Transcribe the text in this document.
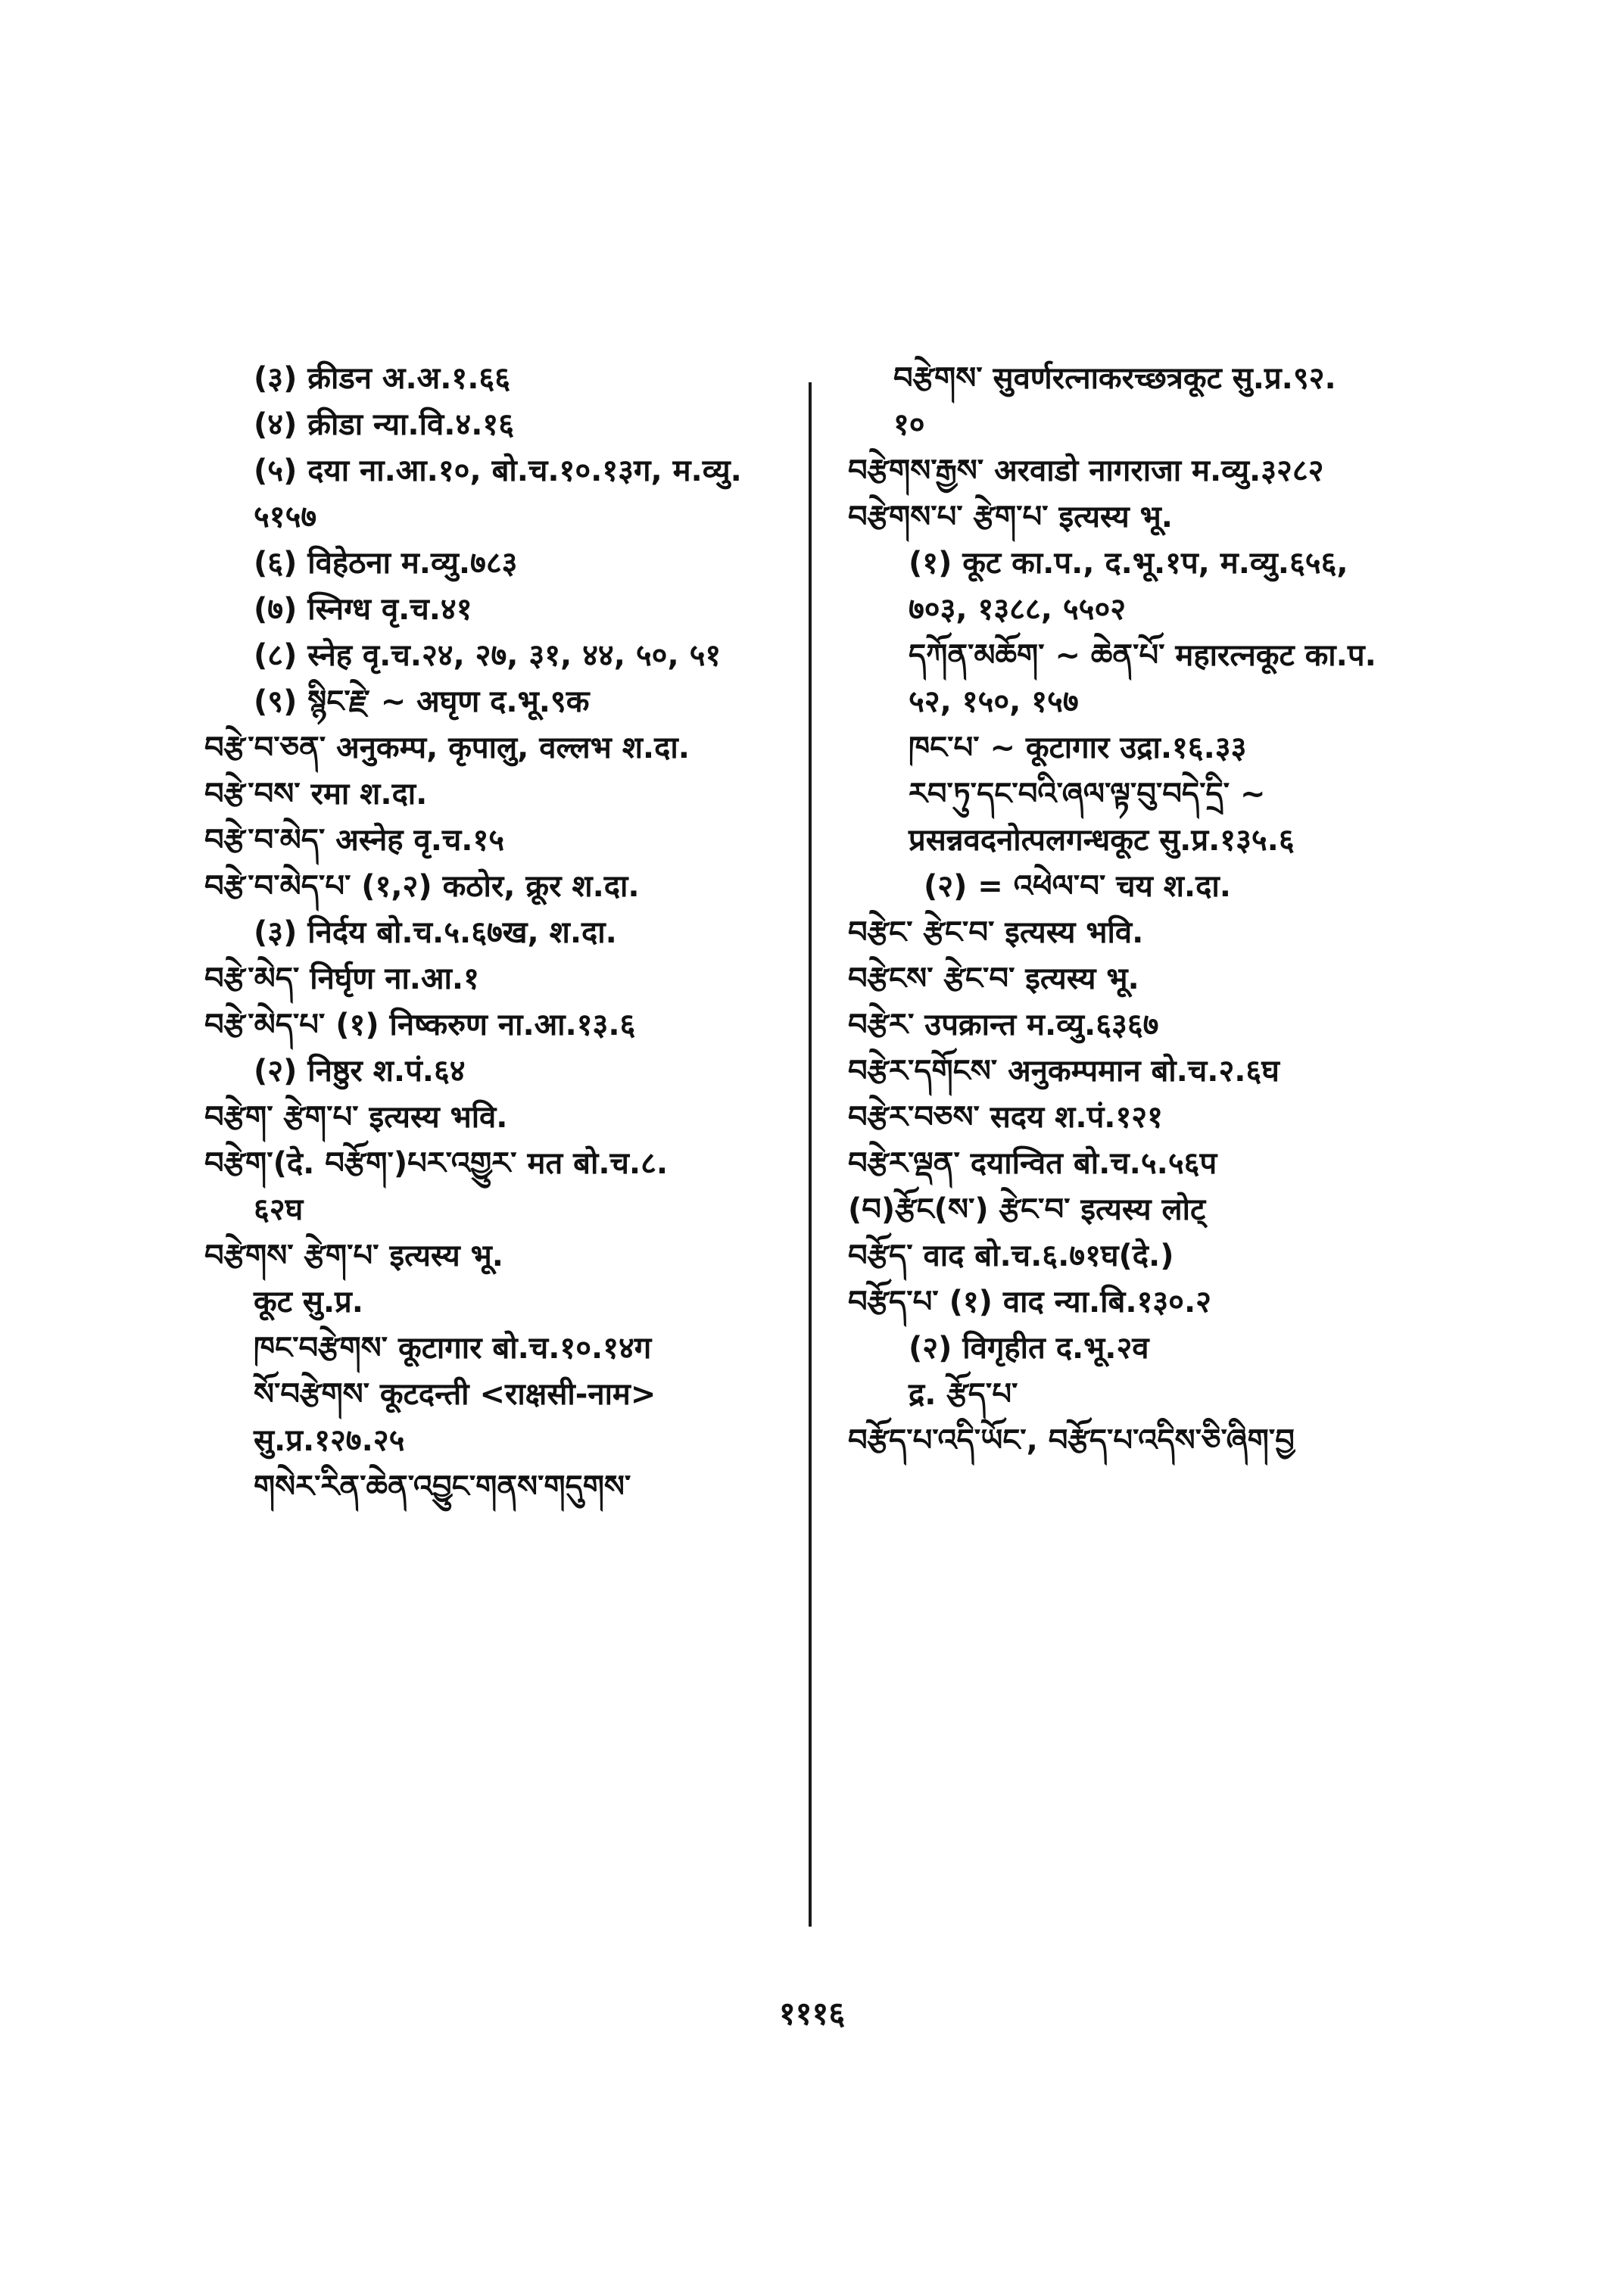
(३) क्रीडन अ.अ.१.६६
(४) क्रीडा न्या.वि.४.१६
(५) दया ना.आ.१०, बो.च.१०.१३ग, म.व्यु.
५१५७
(६) विहेठना म.व्यु.७८३
(७) स्निग्ध वृ.च.४१
(८) स्नेह वृ.च.२४, २७, ३१, ४४, ५०, ५१
(९) སྙིང་རྗེ་ ~ अघृण द.भू.९क
བརྩེ་བ་ཅན་ अनुकम्प, कृपालु, वल्लभ श.दा.
བརྩེ་བས་ रमा श.दा.
བརྩེ་བ་མེད་ अस्नेह वृ.च.१५
བརྩེ་བ་མེད་པ་ (१,२) कठोर, क्रूर श.दा.
(३) निर्दय बो.च.५.६७ख, श.दा.
བརྩེ་མེད་ निर्घृण ना.आ.१
བརྩེ་མེད་པ་ (१) निष्करुण ना.आ.१३.६
(२) निष्ठुर श.पं.६४
བརྩེག་ རྩེག་པ་ इत्यस्य भवि.
བརྩེག་(दे. བརྩོག་)པར་འགྱུར་ मत बो.च.८.
६२घ
བརྩེགས་ རྩེག་པ་ इत्यस्य भू.
कूट सु.प्र.
ཁང་བརྩེགས་ कूटागार बो.च.१०.१४ग
སོ་བརྩེགས་ कूटदन्ती <राक्षसी-नाम>
सु.प्र.१२७.२५
གསེར་རིན་ཆེན་འབྱུང་གནས་གདུགས་
བརྩེགས་ सुवर्णरत्नाकरच्छत्रकूट सु.प्र.९२.
१०
བརྩེགས་རྒྱས་ अरवाडो नागराजा म.व्यु.३२८२
བརྩེགས་པ་ རྩེག་པ་ इत्यस्य भू.
(१) कूट का.प., द.भू.१प, म.व्यु.६५६,
७०३, १३८८, ५५०२
དཀོན་མཆོག་ ~ ཆེན་པོ་ महारत्नकूट का.प.
५२, १५०, १५७
ཁང་པ་ ~ कूटागार उद्रा.१६.३३
རབ་ཏུ་དང་བའི་ཞལ་ལྟ་བུ་བདེ་དྲི་ ~
प्रसन्नवदनोत्पलगन्धकूट सु.प्र.१३५.६
(२) = འཕེལ་བ་ चय श.दा.
བརྩེང་ རྩེང་བ་ इत्यस्य भवि.
བརྩེངས་ རྩེང་བ་ इत्यस्य भू.
བརྩེར་ उपक्रान्त म.व्यु.६३६७
བརྩེར་དགོངས་ अनुकम्पमान बो.च.२.६घ
བརྩེར་བཅས་ सदय श.पं.१२१
བརྩེར་ལྡན་ दयान्वित बो.च.५.५६प
(བ)རྩོང(ས་) རྩེང་བ་ इत्यस्य लोट्
བརྩོད་ वाद बो.च.६.७१घ(दे.)
བརྩོད་པ་ (१) वाद न्या.बि.१३०.२
(२) विगृहीत द.भू.२व
द्र. རྩོད་པ་
བརྩོད་པ་འདི་ཡོང་, བརྩོད་པ་འདིས་ཅི་ཞིག་བྱ
१११६
